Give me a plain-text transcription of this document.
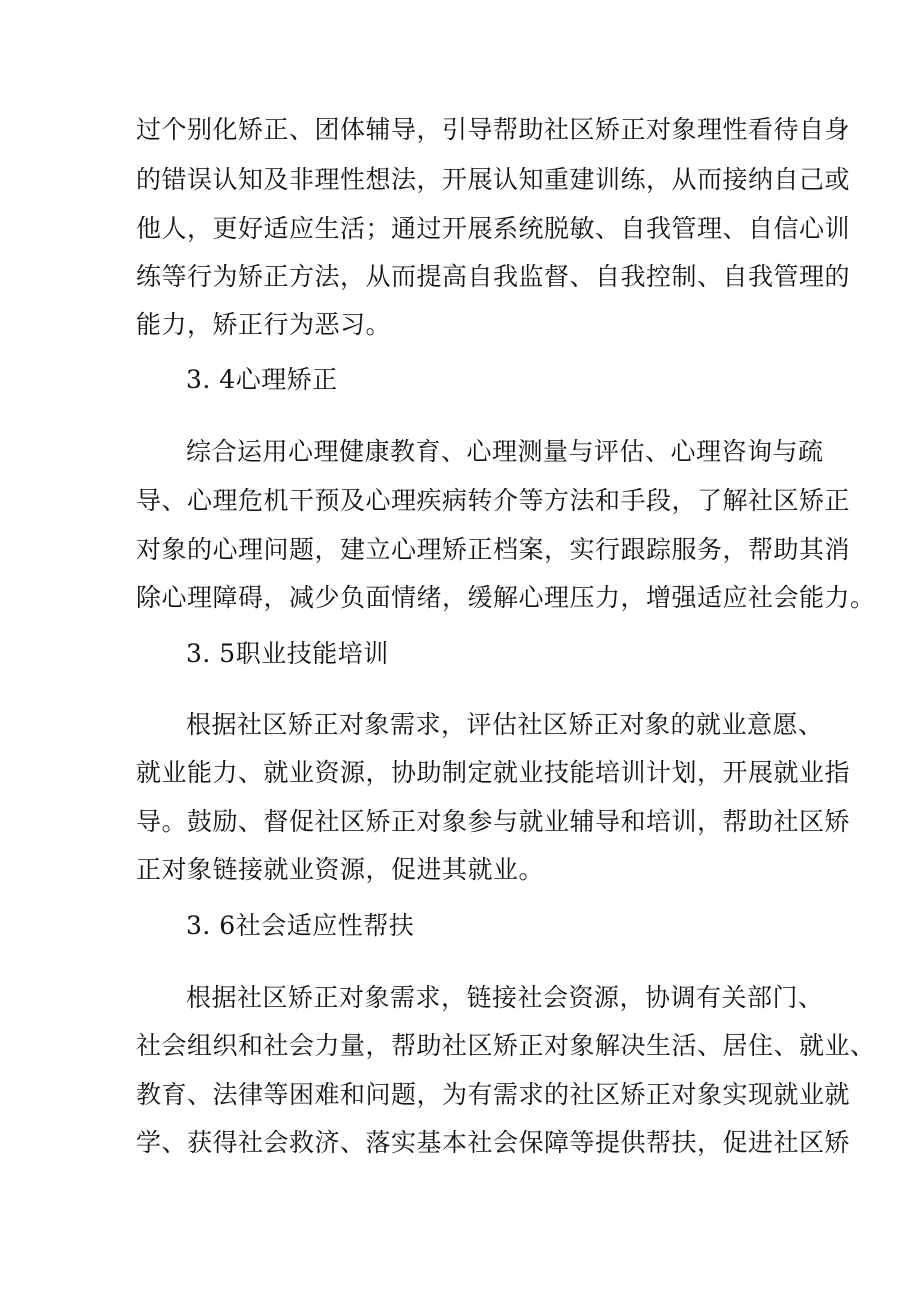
过个别化矫正、团体辅导，引导帮助社区矫正对象理性看待自身
的错误认知及非理性想法，开展认知重建训练，从而接纳自己或
他人，更好适应生活；通过开展系统脱敏、自我管理、自信心训
练等行为矫正方法，从而提高自我监督、自我控制、自我管理的
能力，矫正行为恶习。
3. 4心理矫正
综合运用心理健康教育、心理测量与评估、心理咨询与疏
导、心理危机干预及心理疾病转介等方法和手段，了解社区矫正
对象的心理问题，建立心理矫正档案，实行跟踪服务，帮助其消
除心理障碍，减少负面情绪，缓解心理压力，增强适应社会能力。
3. 5职业技能培训
根据社区矫正对象需求，评估社区矫正对象的就业意愿、
就业能力、就业资源，协助制定就业技能培训计划，开展就业指
导。鼓励、督促社区矫正对象参与就业辅导和培训，帮助社区矫
正对象链接就业资源，促进其就业。
3. 6社会适应性帮扶
根据社区矫正对象需求，链接社会资源，协调有关部门、
社会组织和社会力量，帮助社区矫正对象解决生活、居住、就业、
教育、法律等困难和问题，为有需求的社区矫正对象实现就业就
学、获得社会救济、落实基本社会保障等提供帮扶，促进社区矫
